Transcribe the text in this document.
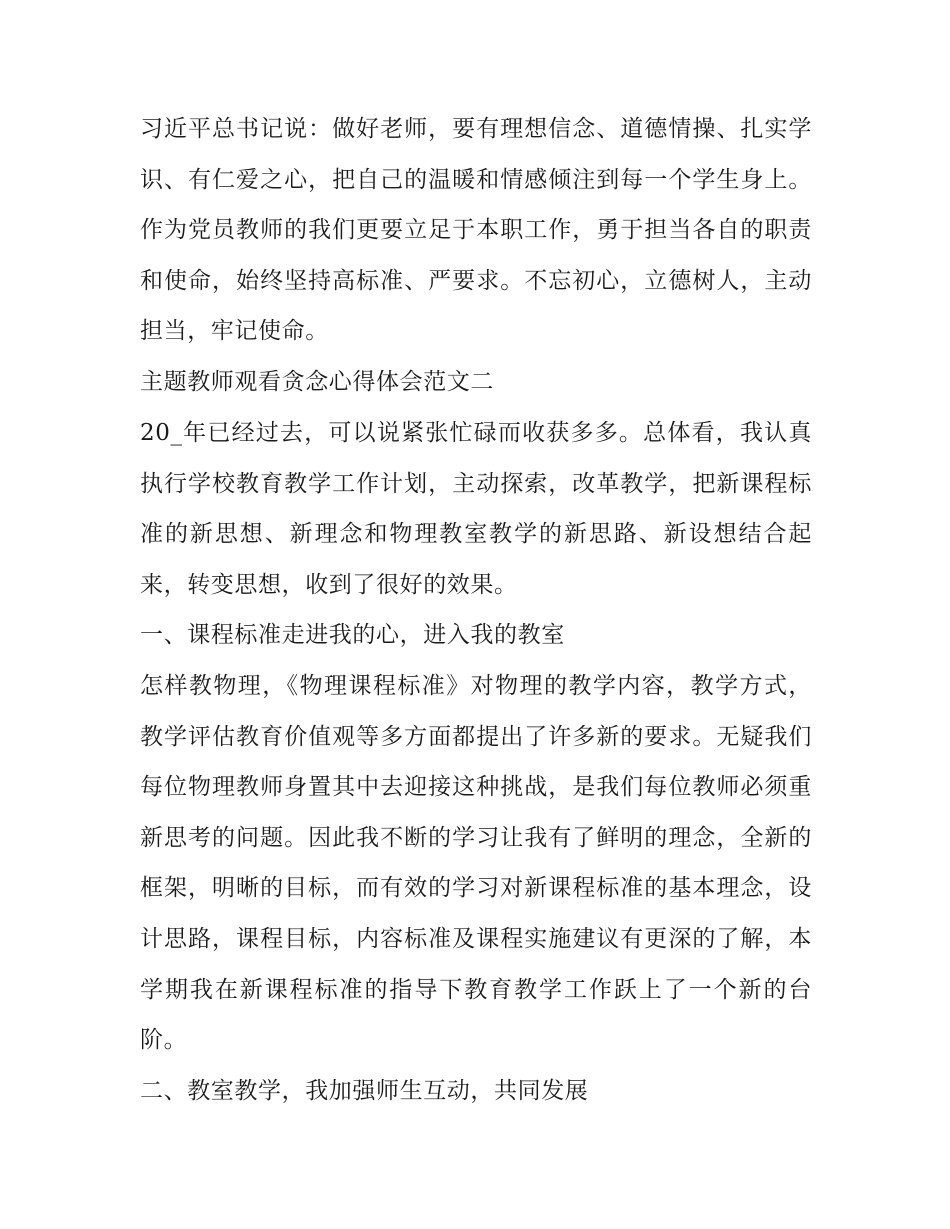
习近平总书记说：做好老师，要有理想信念、道德情操、扎实学识、有仁爱之心，把自己的温暖和情感倾注到每一个学生身上。作为党员教师的我们更要立足于本职工作，勇于担当各自的职责和使命，始终坚持高标准、严要求。不忘初心，立德树人，主动担当，牢记使命。

主题教师观看贪念心得体会范文二

20_年已经过去，可以说紧张忙碌而收获多多。总体看，我认真执行学校教育教学工作计划，主动探索，改革教学，把新课程标准的新思想、新理念和物理教室教学的新思路、新设想结合起来，转变思想，收到了很好的效果。

一、课程标准走进我的心，进入我的教室

怎样教物理，《物理课程标准》对物理的教学内容，教学方式，教学评估教育价值观等多方面都提出了许多新的要求。无疑我们每位物理教师身置其中去迎接这种挑战，是我们每位教师必须重新思考的问题。因此我不断的学习让我有了鲜明的理念，全新的框架，明晰的目标，而有效的学习对新课程标准的基本理念，设计思路，课程目标，内容标准及课程实施建议有更深的了解，本学期我在新课程标准的指导下教育教学工作跃上了一个新的台阶。

二、教室教学，我加强师生互动，共同发展
